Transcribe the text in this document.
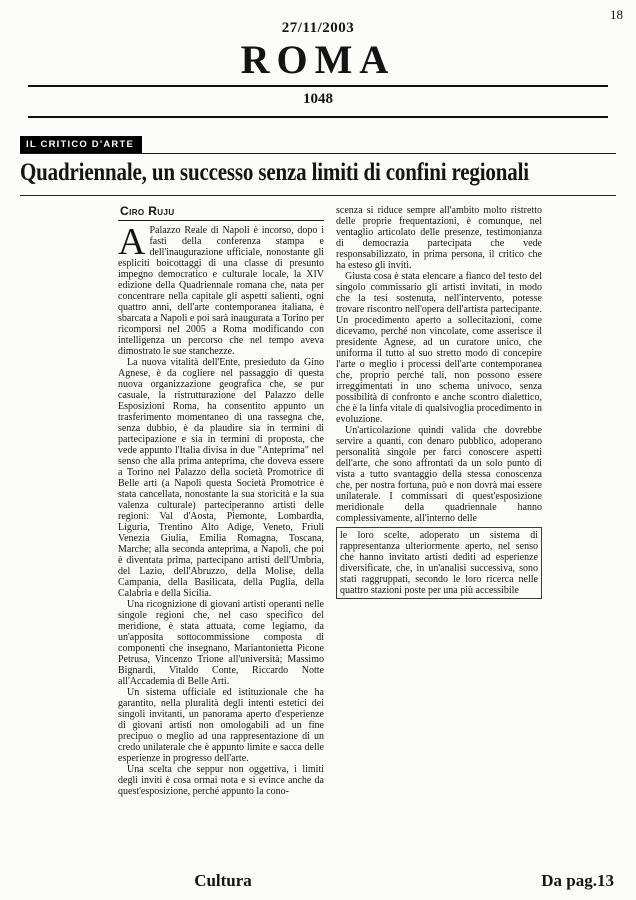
18
27/11/2003
ROMA
1048
IL CRITICO D'ARTE
Quadriennale, un successo senza limiti di confini regionali
Ciro Ruju

A Palazzo Reale di Napoli è incorso, dopo i fasti della conferenza stampa e dell'inaugurazione ufficiale, nonostante gli espliciti boicottaggi di una classe di presunto impegno democratico e culturale locale, la XIV edizione della Quadriennale romana che, nata per concentrare nella capitale gli aspetti salienti, ogni quattro anni, dell'arte contemporanea italiana, è sbarcata a Napoli e poi sarà inaugurata a Torino per ricomporsi nel 2005 a Roma modificando con intelligenza un percorso che nel tempo aveva dimostrato le sue stanchezze.

La nuova vitalità dell'Ente, presieduto da Gino Agnese, è da cogliere nel passaggio di questa nuova organizzazione geografica che, se pur casuale, la ristrutturazione del Palazzo delle Esposizioni Roma, ha consentito appunto un trasferimento momentaneo di una rassegna che, senza dubbio, è da plaudire sia in termini di partecipazione e sia in termini di proposta, che vede appunto l'Italia divisa in due "Anteprima" nel senso che alla prima anteprima, che doveva essere a Torino nel Palazzo della società Promotrice di Belle arti (a Napoli questa Società Promotrice è stata cancellata, nonostante la sua storicità e la sua valenza culturale) parteciperanno artisti delle regioni: Val d'Aosta, Piemonte, Lombardia, Liguria, Trentino Alto Adige, Veneto, Friuli Venezia Giulia, Emilia Romagna, Toscana, Marche; alla seconda anteprima, a Napoli, che poi è diventata prima, partecipano artisti dell'Umbria, del Lazio, dell'Abruzzo, della Molise, della Campania, della Basilicata, della Puglia, della Calabria e della Sicilia.

Una ricognizione di giovani artisti operanti nelle singole regioni che, nel caso specifico del meridione, è stata attuata, come legiamo, da un'apposita sottocommissione composta di componenti che insegnano, Mariantonietta Picone Petrusa, Vincenzo Trione all'università; Massimo Bignardi, Vitaldo Conte, Riccardo Notte all'Accademia di Belle Arti.

Un sistema ufficiale ed istituzionale che ha garantito, nella pluralità degli intenti estetici dei singoli invitanti, un panorama aperto d'esperienze di giovani artisti non omologabili ad un fine precipuo o meglio ad una rappresentazione di un credo unilaterale che è appunto limite e sacca delle esperienze in progresso dell'arte.

Una scelta che seppur non oggettiva, i limiti degli inviti è cosa ormai nota e si evince anche da quest'esposizione, perché appunto la cono-

scenza si riduce sempre all'ambito molto ristretto delle proprie frequentazioni, è comunque, nel ventaglio articolato delle presenze, testimonianza di democrazia partecipata che vede responsabilizzato, in prima persona, il critico che ha esteso gli inviti.

Giusta cosa è stata elencare a fianco del testo del singolo commissario gli artisti invitati, in modo che la tesi sostenuta, nell'intervento, potesse trovare riscontro nell'opera dell'artista partecipante. Un procedimento aperto a sollecitazioni, come dicevamo, perché non vincolate, come asserisce il presidente Agnese, ad un curatore unico, che uniforma il tutto al suo stretto modo di concepire l'arte o meglio i processi dell'arte contemporanea che, proprio perché tali, non possono essere irreggimentati in uno schema univoco, senza possibilità di confronto e anche scontro dialettico, che è la linfa vitale di qualsivoglia procedimento in evoluzione.

Un'articolazione quindi valida che dovrebbe servire a quanti, con denaro pubblico, adoperano personalità singole per farci conoscere aspetti dell'arte, che sono affrontati da un solo punto di vista a tutto svantaggio della stessa conoscenza che, per nostra fortuna, può e non dovrà mai essere unilaterale. I commissari di quest'esposizione meridionale della quadriennale hanno complessivamente, all'interno delle

le loro scelte, adoperato un sistema di rappresentanza ulteriormente aperto, nel senso che hanno invitato artisti dediti ad esperienze diversificate, che, in un'analisi successiva, sono stati raggruppati, secondo le loro ricerca nelle quattro stazioni poste per una più accessibile

Cultura	Da pag.13
